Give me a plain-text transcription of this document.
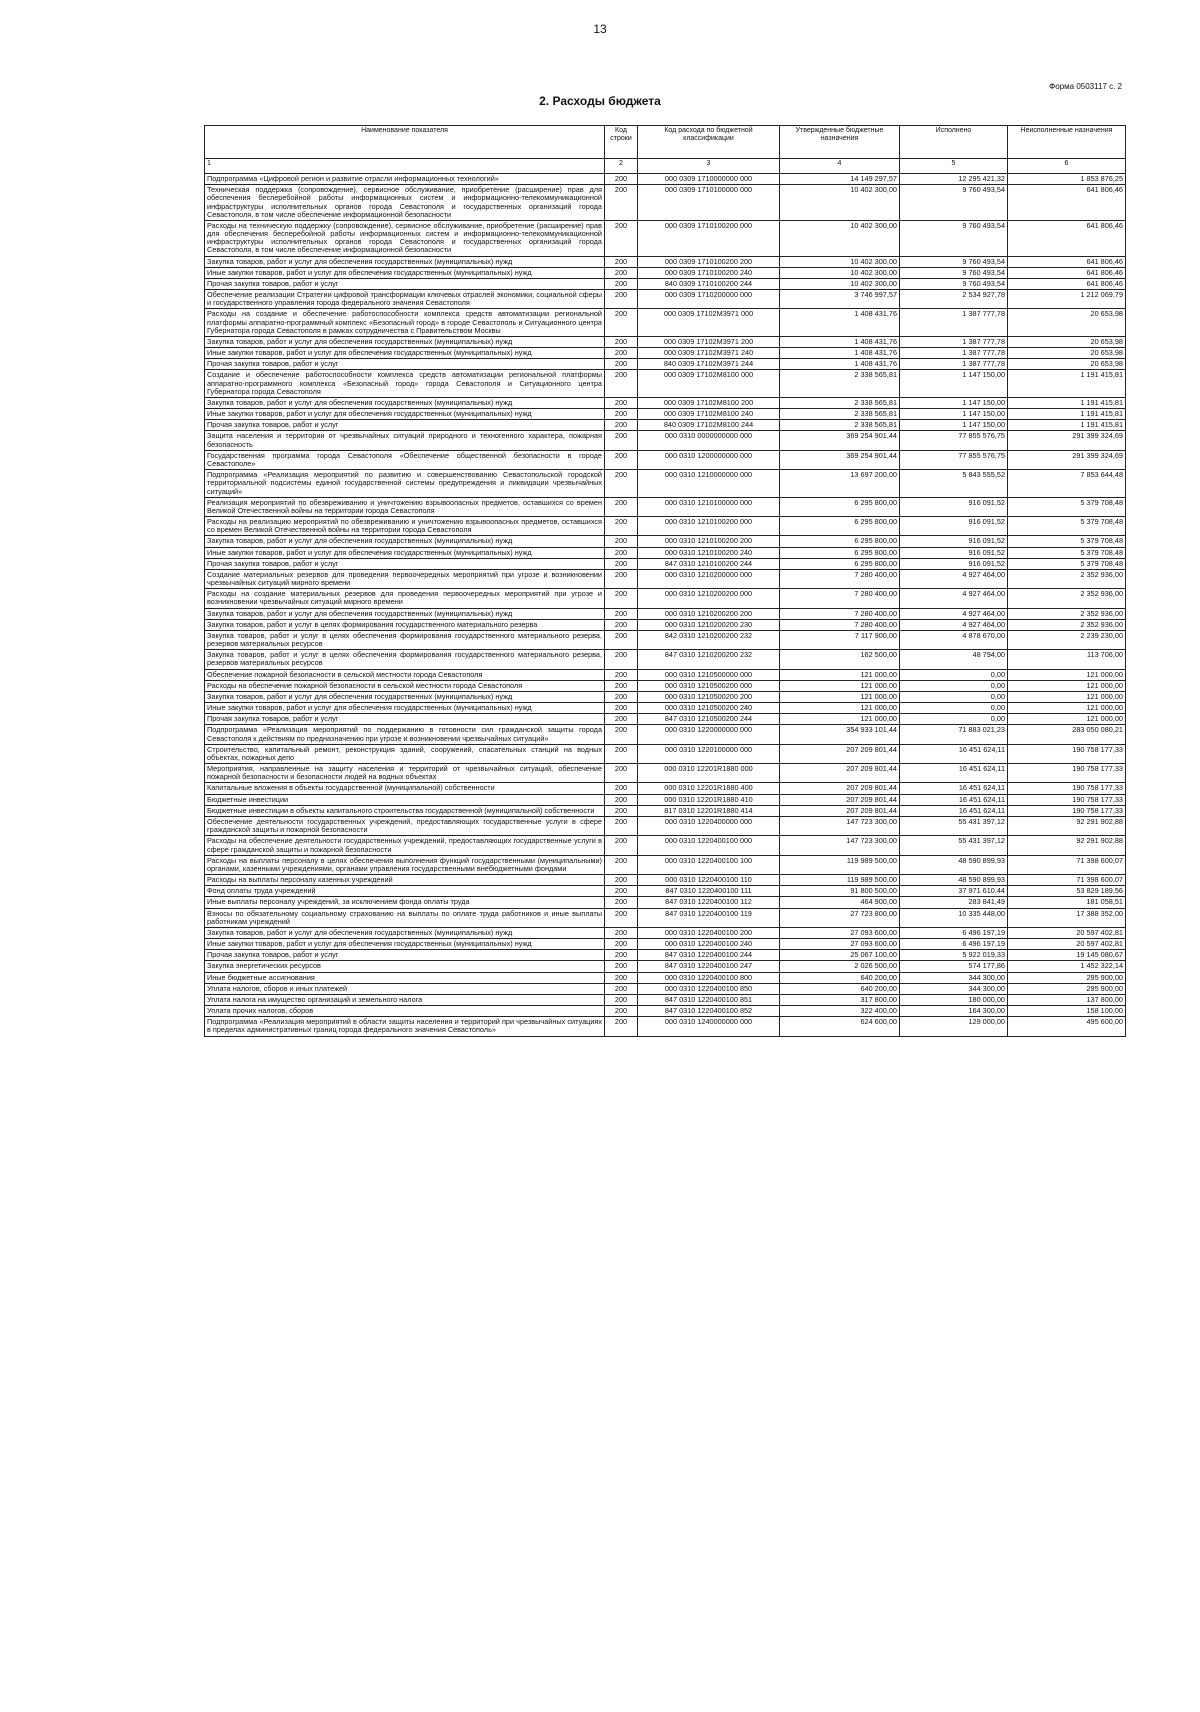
13
Форма 0503117 с. 2
2. Расходы бюджета
Наименование показателя	Код строки	Код расхода по бюджетной классификации	Утвержденные бюджетные назначения	Исполнено	Неисполненные назначения
1	2	3	4	5	6
Подпрограмма «Цифровой регион и развитие отрасли информационных технологий»	200	000 0309 1710000000 000	14 149 297,57	12 295 421,32	1 853 876,25
Техническая поддержка (сопровождение), сервисное обслуживание, приобретение (расширение) прав для обеспечения бесперебойной работы информационных систем и информационно-телекоммуникационной инфраструктуры исполнительных органов города Севастополя и государственных организаций города Севастополя, в том числе обеспечение информационной безопасности	200	000 0309 1710100000 000	10 402 300,00	9 760 493,54	641 806,46
Расходы на техническую поддержку (сопровождение), сервисное обслуживание, приобретение (расширение) прав для обеспечения бесперебойной работы информационных систем и информационно-телекоммуникационной инфраструктуры исполнительных органов города Севастополя и государственных организаций города Севастополя, в том числе обеспечение информационной безопасности	200	000 0309 1710100200 000	10 402 300,00	9 760 493,54	641 806,46
Закупка товаров, работ и услуг для обеспечения государственных (муниципальных) нужд	200	000 0309 1710100200 200	10 402 300,00	9 760 493,54	641 806,46
Иные закупки товаров, работ и услуг для обеспечения государственных (муниципальных) нужд	200	000 0309 1710100200 240	10 402 300,00	9 760 493,54	641 806,46
Прочая закупка товаров, работ и услуг	200	840 0309 1710100200 244	10 402 300,00	9 760 493,54	641 806,46
Обеспечение реализации Стратегии цифровой трансформации ключевых отраслей экономики, социальной сферы и государственного управления города федерального значения Севастополя	200	000 0309 1710200000 000	3 746 997,57	2 534 927,78	1 212 069,79
Расходы на создание и обеспечение работоспособности комплекса средств автоматизации региональной платформы аппаратно-программный комплекс «Безопасный город» в городе Севастополь и Ситуационного центра Губернатора города Севастополя в рамках сотрудничества с Правительством Москвы	200	000 0309 17102M3971 000	1 408 431,76	1 387 777,78	20 653,98
Закупка товаров, работ и услуг для обеспечения государственных (муниципальных) нужд	200	000 0309 17102M3971 200	1 408 431,76	1 387 777,78	20 653,98
Иные закупки товаров, работ и услуг для обеспечения государственных (муниципальных) нужд	200	000 0309 17102M3971 240	1 408 431,76	1 387 777,78	20 653,98
Прочая закупка товаров, работ и услуг	200	840 0309 17102M3971 244	1 408 431,76	1 387 777,78	20 653,98
Создание и обеспечение работоспособности комплекса средств автоматизации региональной платформы аппаратно-программного комплекса «Безопасный город» города Севастополя и Ситуационного центра Губернатора города Севастополя	200	000 0309 17102M8100 000	2 338 565,81	1 147 150,00	1 191 415,81
Закупка товаров, работ и услуг для обеспечения государственных (муниципальных) нужд	200	000 0309 17102M8100 200	2 338 565,81	1 147 150,00	1 191 415,81
Иные закупки товаров, работ и услуг для обеспечения государственных (муниципальных) нужд	200	000 0309 17102M8100 240	2 338 565,81	1 147 150,00	1 191 415,81
Прочая закупка товаров, работ и услуг	200	840 0309 17102M8100 244	2 338 565,81	1 147 150,00	1 191 415,81
Защита населения и территории от чрезвычайных ситуаций природного и техногенного характера, пожарная безопасность	200	000 0310 0000000000 000	369 254 901,44	77 855 576,75	291 399 324,69
Государственная программа города Севастополя «Обеспечение общественной безопасности в городе Севастополе»	200	000 0310 1200000000 000	369 254 901,44	77 855 576,75	291 399 324,69
Подпрограмма «Реализация мероприятий по развитию и совершенствованию Севастопольской городской территориальной подсистемы единой государственной системы предупреждения и ликвидации чрезвычайных ситуаций»	200	000 0310 1210000000 000	13 697 200,00	5 843 555,52	7 853 644,48
Реализация мероприятий по обезвреживанию и уничтожению взрывоопасных предметов, оставшихся со времен Великой Отечественной войны на территории города Севастополя	200	000 0310 1210100000 000	6 295 800,00	916 091,52	5 379 708,48
Расходы на реализацию мероприятий по обезвреживанию и уничтожению взрывоопасных предметов, оставшихся со времен Великой Отечественной войны на территории города Севастополя	200	000 0310 1210100200 000	6 295 800,00	916 091,52	5 379 708,48
Закупка товаров, работ и услуг для обеспечения государственных (муниципальных) нужд	200	000 0310 1210100200 200	6 295 800,00	916 091,52	5 379 708,48
Иные закупки товаров, работ и услуг для обеспечения государственных (муниципальных) нужд	200	000 0310 1210100200 240	6 295 800,00	916 091,52	5 379 708,48
Прочая закупка товаров, работ и услуг	200	847 0310 1210100200 244	6 295 800,00	916 091,52	5 379 708,48
Создание материальных резервов для проведения первоочередных мероприятий при угрозе и возникновении чрезвычайных ситуаций мирного времени	200	000 0310 1210200000 000	7 280 400,00	4 927 464,00	2 352 936,00
Расходы на создание материальных резервов для проведения первоочередных мероприятий при угрозе и возникновении чрезвычайных ситуаций мирного времени	200	000 0310 1210200200 000	7 280 400,00	4 927 464,00	2 352 936,00
Закупка товаров, работ и услуг для обеспечения государственных (муниципальных) нужд	200	000 0310 1210200200 200	7 280 400,00	4 927 464,00	2 352 936,00
Закупка товаров, работ и услуг в целях формирования государственного материального резерва	200	000 0310 1210200200 230	7 280 400,00	4 927 464,00	2 352 936,00
Закупка товаров, работ и услуг в целях обеспечения формирования государственного материального резерва, резервов материальных ресурсов	200	842 0310 1210200200 232	7 117 900,00	4 878 670,00	2 239 230,00
Закупка товаров, работ и услуг в целях обеспечения формирования государственного материального резерва, резервов материальных ресурсов	200	847 0310 1210200200 232	162 500,00	48 794,00	113 706,00
Обеспечение пожарной безопасности в сельской местности города Севастополя	200	000 0310 1210500000 000	121 000,00	0,00	121 000,00
Расходы на обеспечение пожарной безопасности в сельской местности города Севастополя	200	000 0310 1210500200 000	121 000,00	0,00	121 000,00
Закупка товаров, работ и услуг для обеспечения государственных (муниципальных) нужд	200	000 0310 1210500200 200	121 000,00	0,00	121 000,00
Иные закупки товаров, работ и услуг для обеспечения государственных (муниципальных) нужд	200	000 0310 1210500200 240	121 000,00	0,00	121 000,00
Прочая закупка товаров, работ и услуг	200	847 0310 1210500200 244	121 000,00	0,00	121 000,00
Подпрограмма «Реализация мероприятий по поддержанию в готовности сил гражданской защиты города Севастополя к действиям по предназначению при угрозе и возникновении чрезвычайных ситуаций»	200	000 0310 1220000000 000	354 933 101,44	71 883 021,23	283 050 080,21
Строительство, капитальный ремонт, реконструкция зданий, сооружений, спасательных станций на водных объектах, пожарных депо	200	000 0310 1220100000 000	207 209 801,44	16 451 624,11	190 758 177,33
Мероприятия, направленные на защиту населения и территорий от чрезвычайных ситуаций, обеспечение пожарной безопасности и безопасности людей на водных объектах	200	000 0310 12201R1880 000	207 209 801,44	16 451 624,11	190 758 177,33
Капитальные вложения в объекты государственной (муниципальной) собственности	200	000 0310 12201R1880 400	207 209 801,44	16 451 624,11	190 758 177,33
Бюджетные инвестиции	200	000 0310 12201R1880 410	207 209 801,44	16 451 624,11	190 758 177,33
Бюджетные инвестиции в объекты капитального строительства государственной (муниципальной) собственности	200	817 0310 12201R1880 414	207 209 801,44	16 451 624,11	190 758 177,33
Обеспечение деятельности государственных учреждений, предоставляющих государственные услуги в сфере гражданской защиты и пожарной безопасности	200	000 0310 1220400000 000	147 723 300,00	55 431 397,12	92 291 902,88
Расходы на обеспечение деятельности государственных учреждений, предоставляющих государственные услуги в сфере гражданской защиты и пожарной безопасности	200	000 0310 1220400100 000	147 723 300,00	55 431 397,12	92 291 902,88
Расходы на выплаты персоналу в целях обеспечения выполнения функций государственными (муниципальными) органами, казенными учреждениями, органами управления государственными внебюджетными фондами	200	000 0310 1220400100 100	119 989 500,00	48 590 899,93	71 398 600,07
Расходы на выплаты персоналу казенных учреждений	200	000 0310 1220400100 110	119 989 500,00	48 590 899,93	71 398 600,07
Фонд оплаты труда учреждений	200	847 0310 1220400100 111	91 800 500,00	37 971 610,44	53 829 189,56
Иные выплаты персоналу учреждений, за исключением фонда оплаты труда	200	847 0310 1220400100 112	464 900,00	283 841,49	181 058,51
Взносы по обязательному социальному страхованию на выплаты по оплате труда работников и иные выплаты работникам учреждений	200	847 0310 1220400100 119	27 723 800,00	10 335 448,00	17 388 352,00
Закупка товаров, работ и услуг для обеспечения государственных (муниципальных) нужд	200	000 0310 1220400100 200	27 093 600,00	6 496 197,19	20 597 402,81
Иные закупки товаров, работ и услуг для обеспечения государственных (муниципальных) нужд	200	000 0310 1220400100 240	27 093 600,00	6 496 197,19	20 597 402,81
Прочая закупка товаров, работ и услуг	200	847 0310 1220400100 244	25 067 100,00	5 922 019,33	19 145 080,67
Закупка энергетических ресурсов	200	847 0310 1220400100 247	2 026 500,00	574 177,86	1 452 322,14
Иные бюджетные ассигнования	200	000 0310 1220400100 800	640 200,00	344 300,00	295 900,00
Уплата налогов, сборов и иных платежей	200	000 0310 1220400100 850	640 200,00	344 300,00	295 900,00
Уплата налога на имущество организаций и земельного налога	200	847 0310 1220400100 851	317 800,00	180 000,00	137 800,00
Уплата прочих налогов, сборов	200	847 0310 1220400100 852	322 400,00	164 300,00	158 100,00
Подпрограмма «Реализация мероприятий в области защиты населения и территорий при чрезвычайных ситуациях в пределах административных границ города федерального значения Севастополь»	200	000 0310 1240000000 000	624 600,00	129 000,00	495 600,00
